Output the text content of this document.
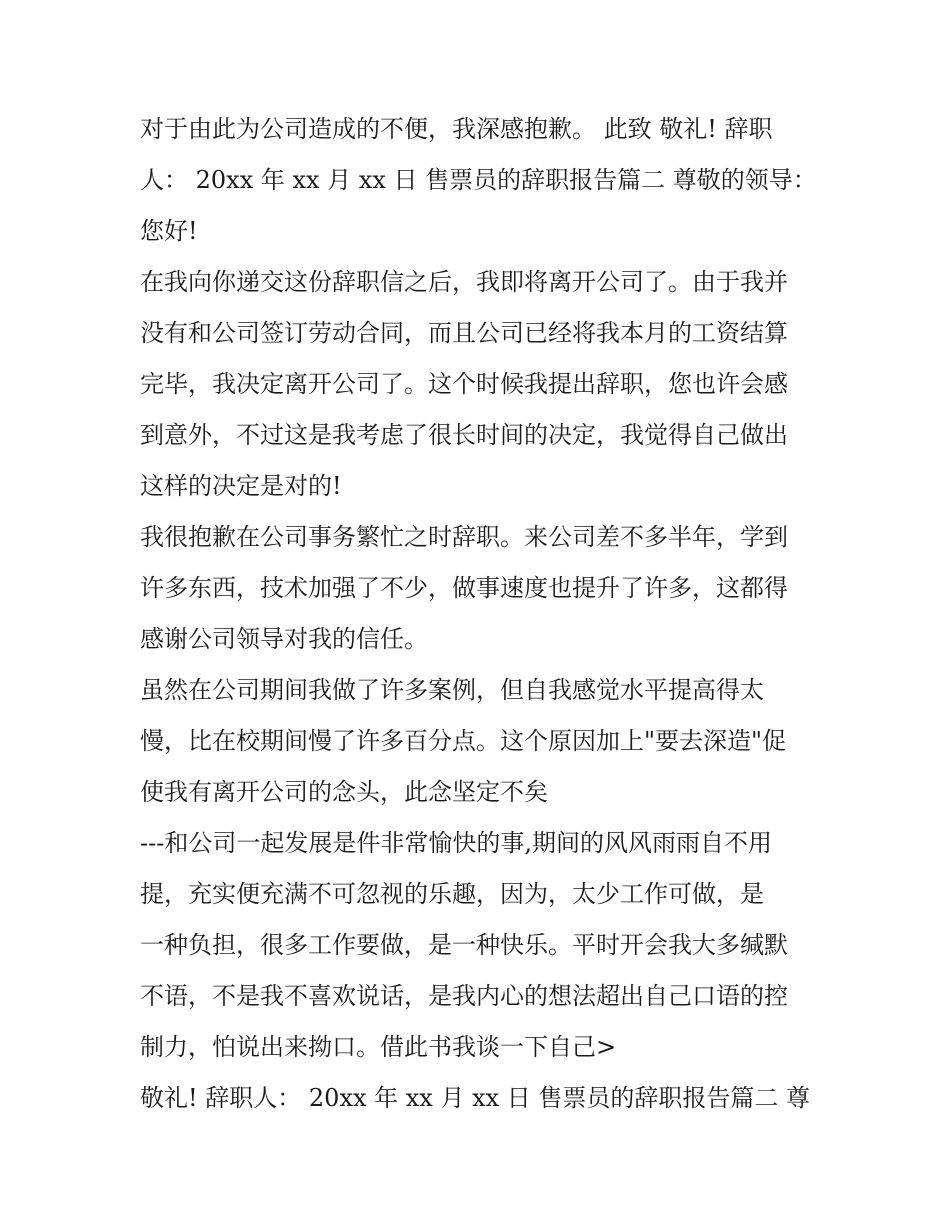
对于由此为公司造成的不便，我深感抱歉。 此致 敬礼! 辞职
人： 20xx 年 xx 月 xx 日 售票员的辞职报告篇二 尊敬的领导：
您好!
在我向你递交这份辞职信之后，我即将离开公司了。由于我并
没有和公司签订劳动合同，而且公司已经将我本月的工资结算
完毕，我决定离开公司了。这个时候我提出辞职，您也许会感
到意外，不过这是我考虑了很长时间的决定，我觉得自己做出
这样的决定是对的!
我很抱歉在公司事务繁忙之时辞职。来公司差不多半年，学到
许多东西，技术加强了不少，做事速度也提升了许多，这都得
感谢公司领导对我的信任。
虽然在公司期间我做了许多案例，但自我感觉水平提高得太
慢，比在校期间慢了许多百分点。这个原因加上"要去深造"促
使我有离开公司的念头，此念坚定不矣
---和公司一起发展是件非常愉快的事,期间的风风雨雨自不用
提，充实便充满不可忽视的乐趣，因为，太少工作可做，是
一种负担，很多工作要做，是一种快乐。平时开会我大多缄默
不语，不是我不喜欢说话，是我内心的想法超出自己口语的控
制力，怕说出来拗口。借此书我谈一下自己>
敬礼! 辞职人： 20xx 年 xx 月 xx 日 售票员的辞职报告篇二 尊
